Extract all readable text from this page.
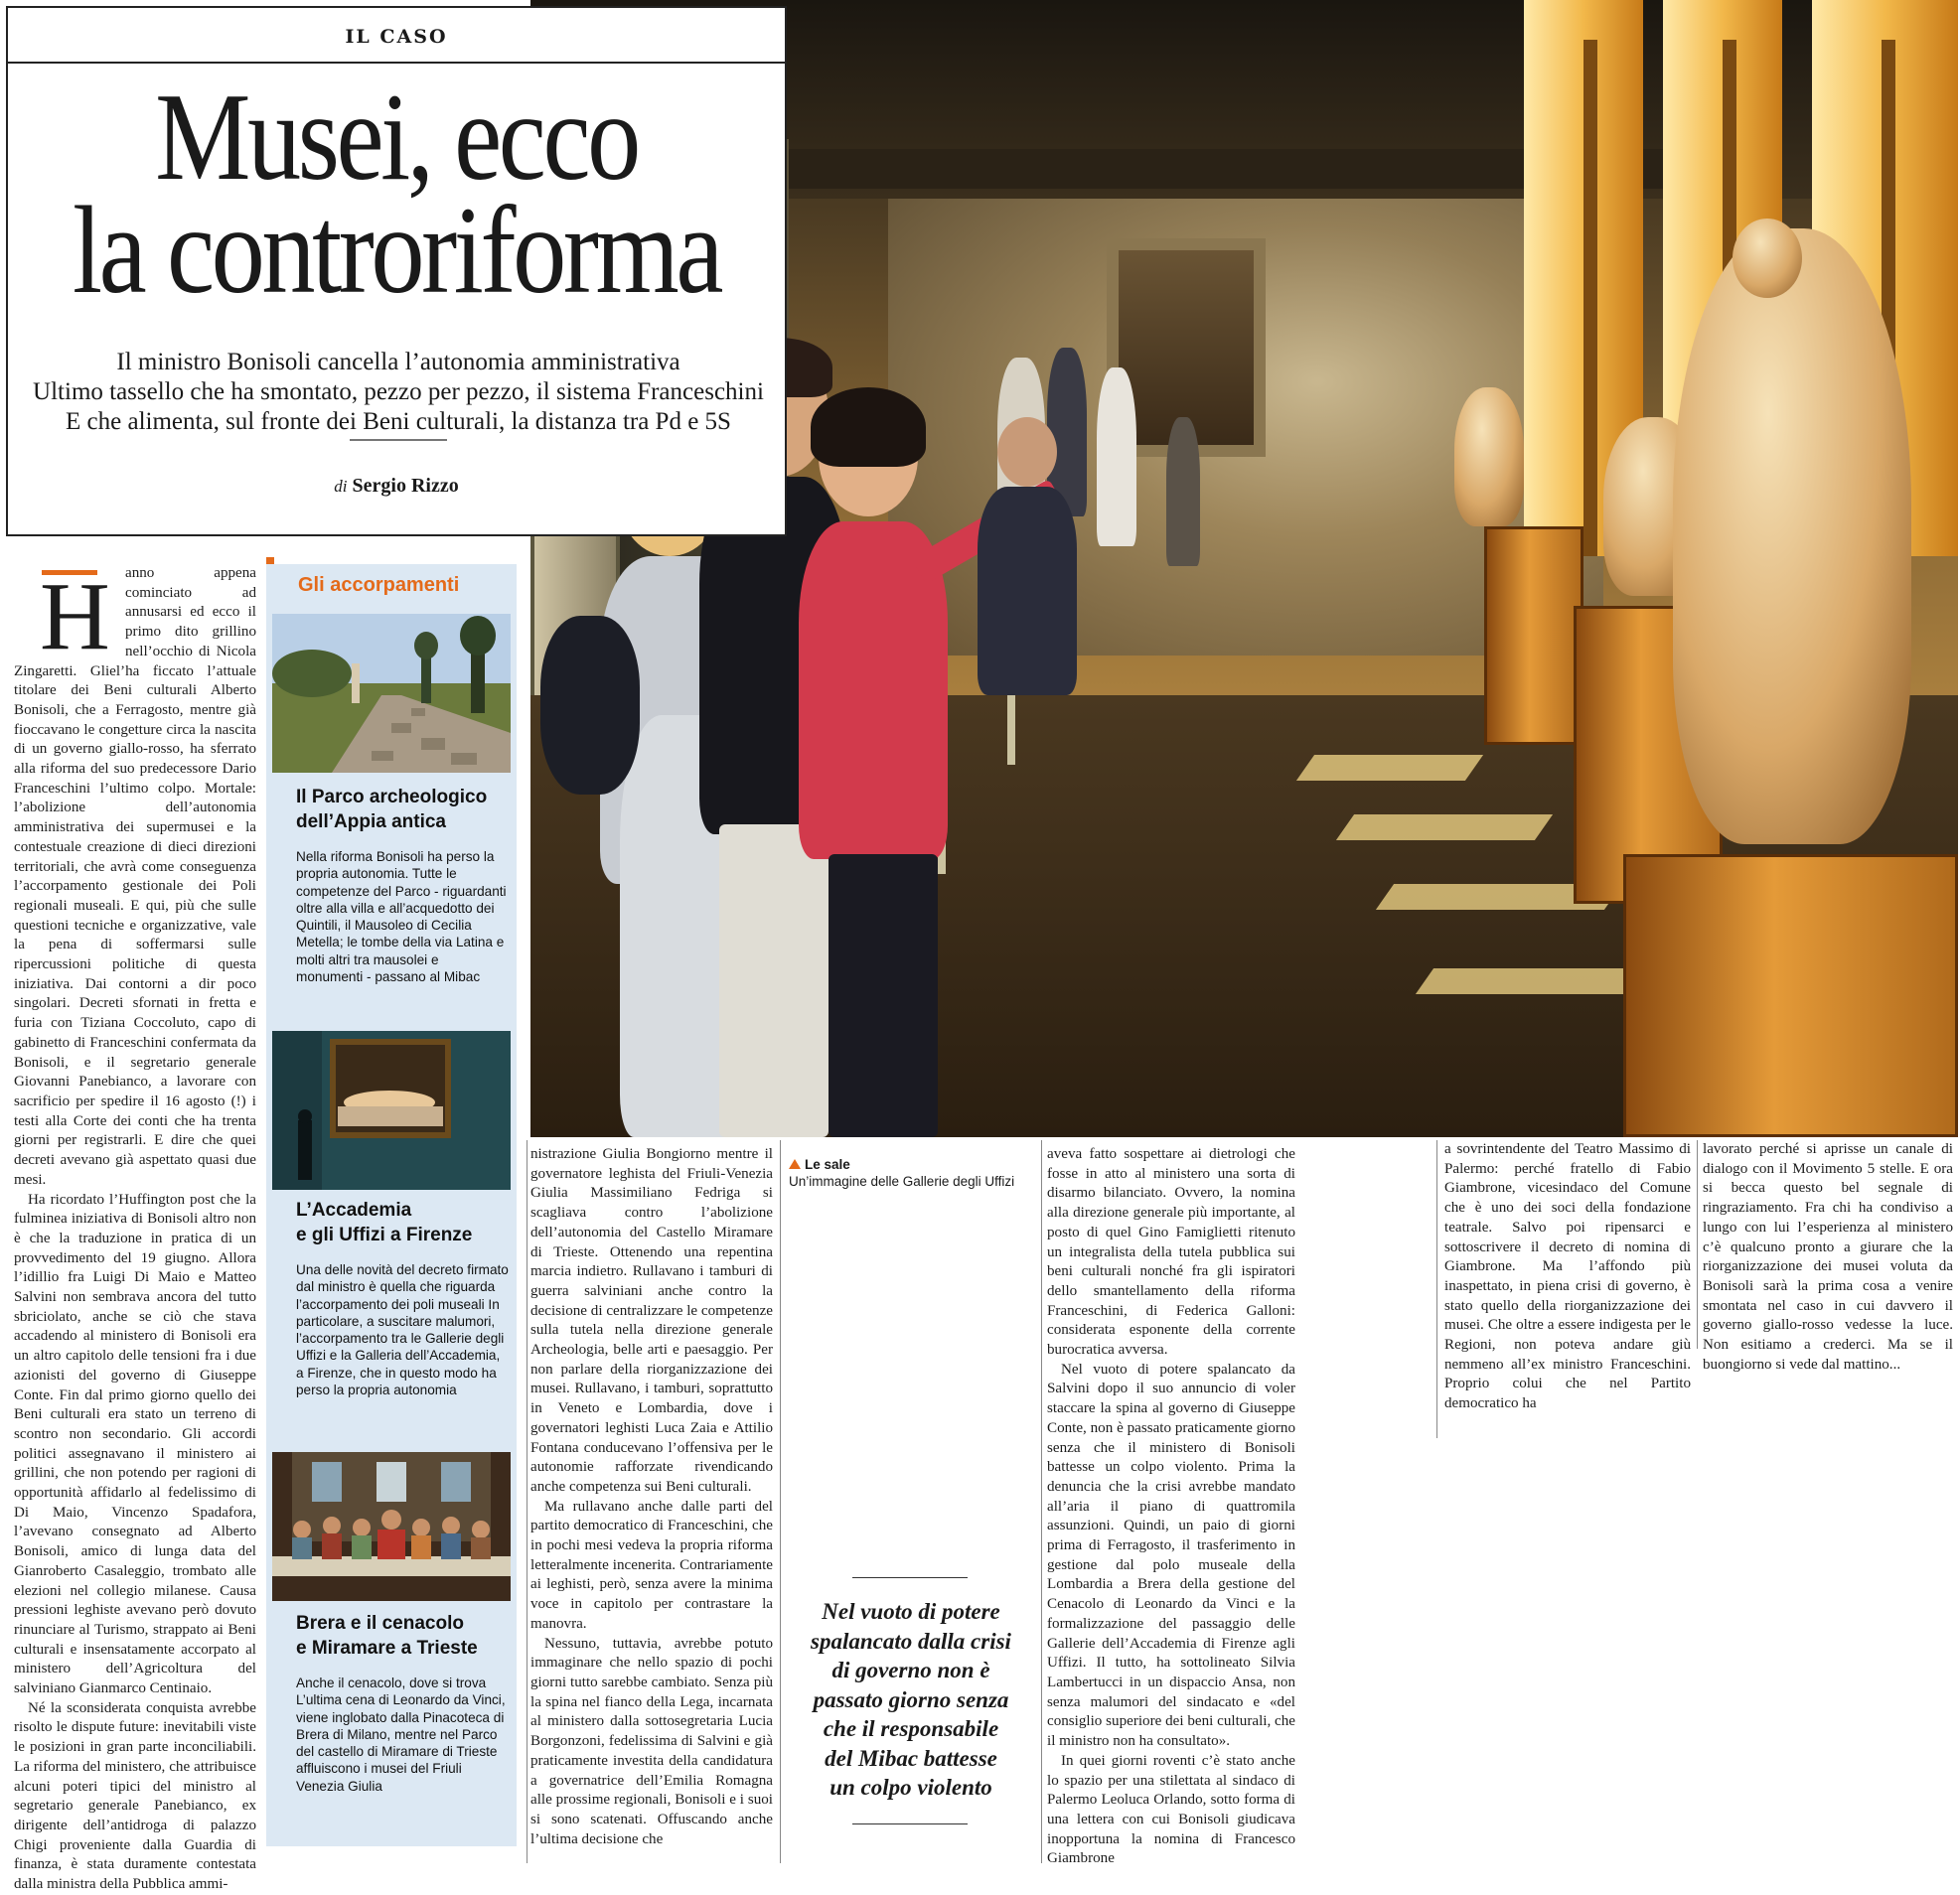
IL CASO
Musei, ecco
la controriforma
Il ministro Bonisoli cancella l’autonomia amministrativa
Ultimo tassello che ha smontato, pezzo per pezzo, il sistema Franceschini
E che alimenta, sul fronte dei Beni culturali, la distanza tra Pd e 5S
di Sergio Rizzo
H	anno appena cominciato ad annusarsi ed ecco il primo dito grillino nell’occhio di Nicola Zingaretti. Gliel’ha ficcato l’attuale titolare dei Beni culturali Alberto Bonisoli, che a Ferragosto, mentre già fioccavano le congetture circa la nascita di un governo giallo-rosso, ha sferrato alla riforma del suo predecessore Dario Franceschini l’ultimo colpo. Mortale: l’abolizione dell’autonomia amministrativa dei supermusei e la contestuale creazione di dieci direzioni territoriali, che avrà come conseguenza l’accorpamento gestionale dei Poli regionali museali. E qui, più che sulle questioni tecniche e organizzative, vale la pena di soffermarsi sulle ripercussioni politiche di questa iniziativa. Dai contorni a dir poco singolari. Decreti sfornati in fretta e furia con Tiziana Coccoluto, capo di gabinetto di Franceschini confermata da Bonisoli, e il segretario generale Giovanni Panebianco, a lavorare con sacrificio per spedire il 16 agosto (!) i testi alla Corte dei conti che ha trenta giorni per registrarli. E dire che quei decreti avevano già aspettato quasi due mesi.

Ha ricordato l’Huffington post che la fulminea iniziativa di Bonisoli altro non è che la traduzione in pratica di un provvedimento del 19 giugno. Allora l’idillio fra Luigi Di Maio e Matteo Salvini non sembrava ancora del tutto sbriciolato, anche se ciò che stava accadendo al ministero di Bonisoli era un altro capitolo delle tensioni fra i due azionisti del governo di Giuseppe Conte. Fin dal primo giorno quello dei Beni culturali era stato un terreno di scontro non secondario. Gli accordi politici assegnavano il ministero ai grillini, che non potendo per ragioni di opportunità affidarlo al fedelissimo di Di Maio, Vincenzo Spadafora, l’avevano consegnato ad Alberto Bonisoli, amico di lunga data del Gianroberto Casaleggio, trombato alle elezioni nel collegio milanese. Causa pressioni leghiste avevano però dovuto rinunciare al Turismo, strappato ai Beni culturali e insensatamente accorpato al ministero dell’Agricoltura del salviniano Gianmarco Centinaio.

Né la sconsiderata conquista avrebbe risolto le dispute future: inevitabili viste le posizioni in gran parte inconciliabili. La riforma del ministero, che attribuisce alcuni poteri tipici del ministro al segretario generale Panebianco, ex dirigente dell’antidroga di palazzo Chigi proveniente dalla Guardia di finanza, è stata duramente contestata dalla ministra della Pubblica ammi-

Gli accorpamenti
Il Parco archeologico
dell’Appia antica
Nella riforma Bonisoli ha perso la propria autonomia. Tutte le competenze del Parco - riguardanti oltre alla villa e all’acquedotto dei Quintili, il Mausoleo di Cecilia Metella; le tombe della via Latina e molti altri tra mausolei e monumenti - passano al Mibac
L’Accademia
e gli Uffizi a Firenze
Una delle novità del decreto firmato dal ministro è quella che riguarda l’accorpamento dei poli museali In particolare, a suscitare malumori, l’accorpamento tra le Gallerie degli Uffizi e la Galleria dell’Accademia, a Firenze, che in questo modo ha perso la propria autonomia
Brera e il cenacolo
e Miramare a Trieste
Anche il cenacolo, dove si trova L’ultima cena di Leonardo da Vinci, viene inglobato dalla Pinacoteca di Brera di Milano, mentre nel Parco del castello di Miramare di Trieste affluiscono i musei del Friuli Venezia Giulia

nistrazione Giulia Bongiorno mentre il governatore leghista del Friuli-Venezia Giulia Massimiliano Fedriga si scagliava contro l’abolizione dell’autonomia del Castello Miramare di Trieste. Ottenendo una repentina marcia indietro. Rullavano i tamburi di guerra salviniani anche contro la decisione di centralizzare le competenze sulla tutela nella direzione generale Archeologia, belle arti e paesaggio. Per non parlare della riorganizzazione dei musei. Rullavano, i tamburi, soprattutto in Veneto e Lombardia, dove i governatori leghisti Luca Zaia e Attilio Fontana conducevano l’offensiva per le autonomie rafforzate rivendicando anche competenza sui Beni culturali.

Ma rullavano anche dalle parti del partito democratico di Franceschini, che in pochi mesi vedeva la propria riforma letteralmente incenerita. Contrariamente ai leghisti, però, senza avere la minima voce in capitolo per contrastare la manovra.

Nessuno, tuttavia, avrebbe potuto immaginare che nello spazio di pochi giorni tutto sarebbe cambiato. Senza più la spina nel fianco della Lega, incarnata al ministero dalla sottosegretaria Lucia Borgonzoni, fedelissima di Salvini e già praticamente investita della candidatura a governatrice dell’Emilia Romagna alle prossime regionali, Bonisoli e i suoi si sono scatenati. Offuscando anche l’ultima decisione che

Le sale
Un’immagine delle Gallerie degli Uffizi
Nel vuoto di potere
spalancato dalla crisi
di governo non è
passato giorno senza
che il responsabile
del Mibac battesse
un colpo violento

aveva fatto sospettare ai dietrologi che fosse in atto al ministero una sorta di disarmo bilanciato. Ovvero, la nomina alla direzione generale più importante, al posto di quel Gino Famiglietti ritenuto un integralista della tutela pubblica sui beni culturali nonché fra gli ispiratori dello smantellamento della riforma Franceschini, di Federica Galloni: considerata esponente della corrente burocratica avversa.

Nel vuoto di potere spalancato da Salvini dopo il suo annuncio di voler staccare la spina al governo di Giuseppe Conte, non è passato praticamente giorno senza che il ministero di Bonisoli battesse un colpo violento. Prima la denuncia che la crisi avrebbe mandato all’aria il piano di quattromila assunzioni. Quindi, un paio di giorni prima di Ferragosto, il trasferimento in gestione dal polo museale della Lombardia a Brera della gestione del Cenacolo di Leonardo da Vinci e la formalizzazione del passaggio delle Gallerie dell’Accademia di Firenze agli Uffizi. Il tutto, ha sottolineato Silvia Lambertucci in un dispaccio Ansa, non senza malumori del sindacato e «del consiglio superiore dei beni culturali, che il ministro non ha consultato».

In quei giorni roventi c’è stato anche lo spazio per una stilettata al sindaco di Palermo Leoluca Orlando, sotto forma di una lettera con cui Bonisoli giudicava inopportuna la nomina di Francesco Giambrone

a sovrintendente del Teatro Massimo di Palermo: perché fratello di Fabio Giambrone, vicesindaco del Comune che è uno dei soci della fondazione teatrale. Salvo poi ripensarci e sottoscrivere il decreto di nomina di Giambrone. Ma l’affondo più inaspettato, in piena crisi di governo, è stato quello della riorganizzazione dei musei. Che oltre a essere indigesta per le Regioni, non poteva andare giù nemmeno all’ex ministro Franceschini. Proprio colui che nel Partito democratico ha

lavorato perché si aprisse un canale di dialogo con il Movimento 5 stelle. E ora si becca questo bel segnale di ringraziamento. Fra chi ha condiviso a lungo con lui l’esperienza al ministero c’è qualcuno pronto a giurare che la riorganizzazione dei musei voluta da Bonisoli sarà la prima cosa a venire smontata nel caso in cui davvero il governo giallo-rosso vedesse la luce. Non esitiamo a crederci. Ma se il buongiorno si vede dal mattino...
